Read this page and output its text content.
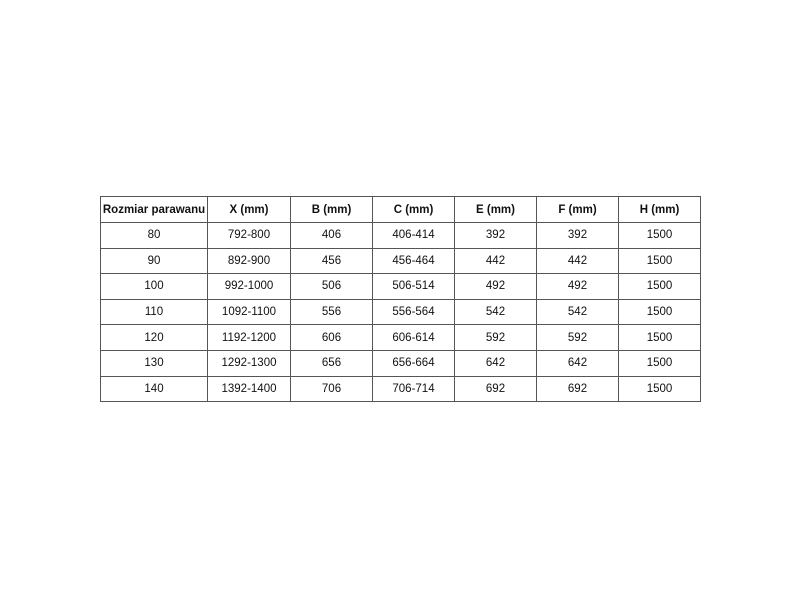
Rozmiar parawanu	X (mm)	B (mm)	C (mm)	E (mm)	F (mm)	H (mm)
80	792-800	406	406-414	392	392	1500
90	892-900	456	456-464	442	442	1500
100	992-1000	506	506-514	492	492	1500
110	1092-1100	556	556-564	542	542	1500
120	1192-1200	606	606-614	592	592	1500
130	1292-1300	656	656-664	642	642	1500
140	1392-1400	706	706-714	692	692	1500
